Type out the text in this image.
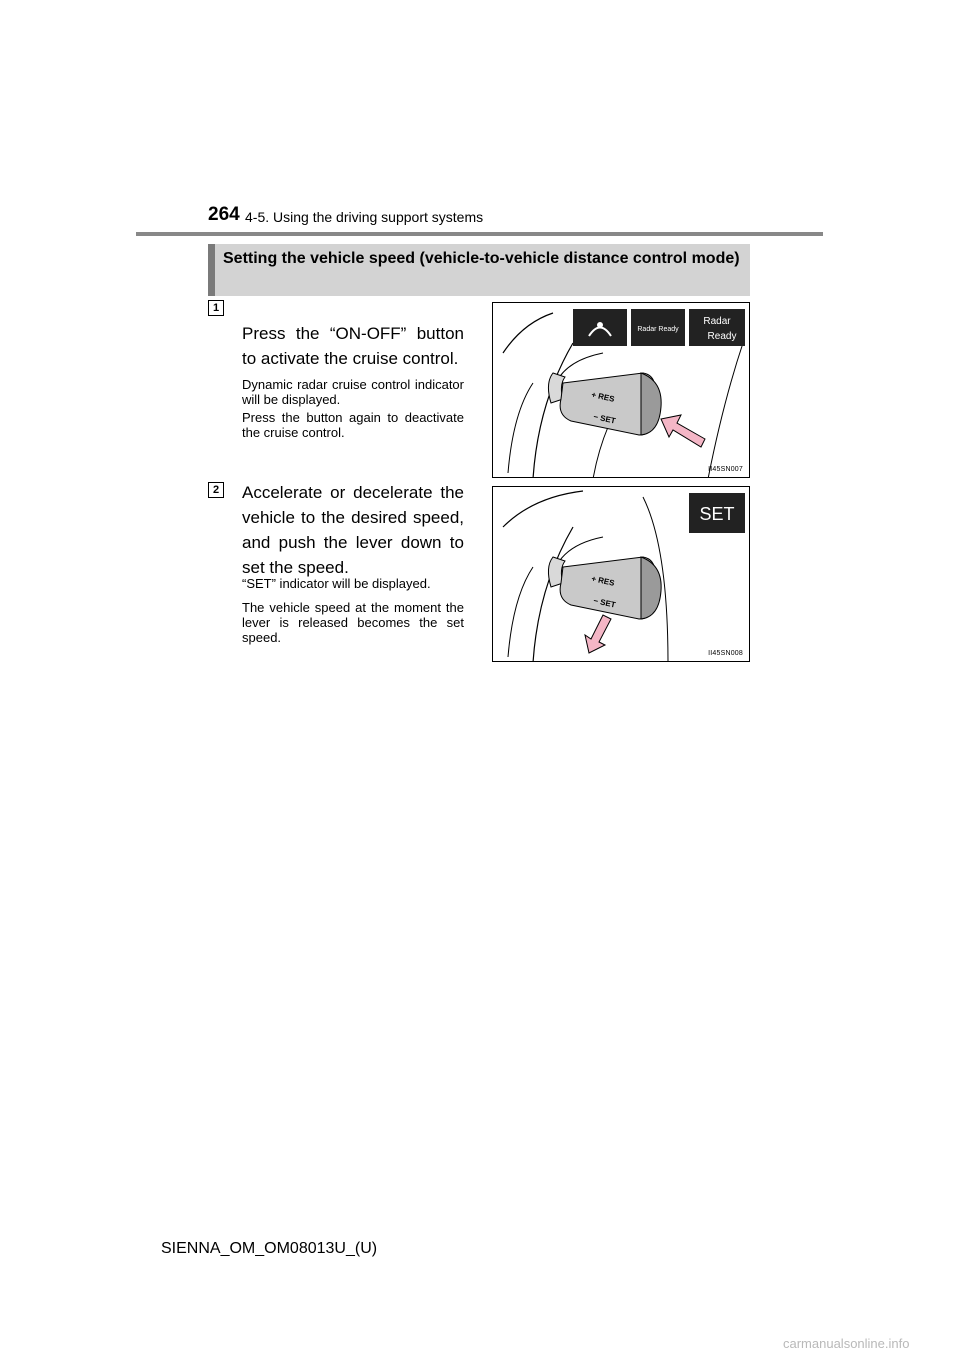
264 4-5. Using the driving support systems
Setting the vehicle speed (vehicle-to-vehicle distance control mode)
1
Press the “ON-OFF” button to activate the cruise control.
Dynamic radar cruise control indicator will be displayed.
Press the button again to deactivate the cruise control.
Radar Ready
Radar
Ready
+ RES
− SET
II45SN007
2 Accelerate or decelerate the vehicle to the desired speed, and push the lever down to set the speed.
“SET” indicator will be displayed.
The vehicle speed at the moment the lever is released becomes the set speed.
SET
+ RES
− SET
II45SN008
SIENNA_OM_OM08013U_(U)
carmanualsonline.info
